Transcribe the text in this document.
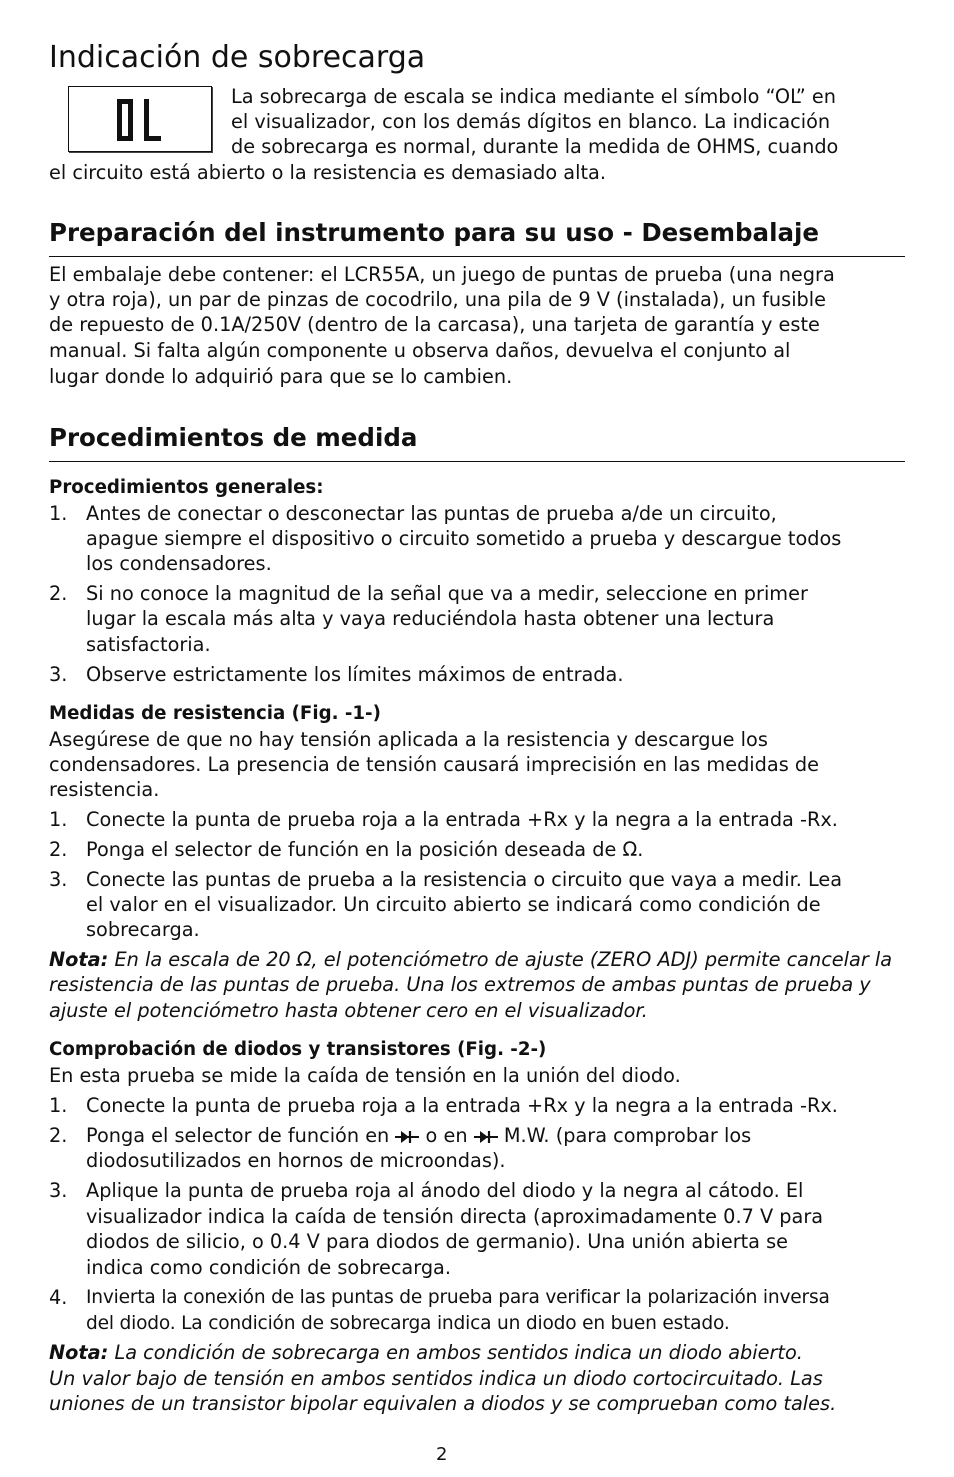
Indicación de sobrecarga

La sobrecarga de escala se indica mediante el símbolo “OL” en

el visualizador, con los demás dígitos en blanco. La indicación

de sobrecarga es normal, durante la medida de OHMS, cuando

el circuito está abierto o la resistencia es demasiado alta.

Preparación del instrumento para su uso - Desembalaje

El embalaje debe contener: el LCR55A, un juego de puntas de prueba (una negra

y otra roja), un par de pinzas de cocodrilo, una pila de 9 V (instalada), un fusible

de repuesto de 0.1A/250V (dentro de la carcasa), una tarjeta de garantía y este

manual. Si falta algún componente u observa daños, devuelva el conjunto al

lugar donde lo adquirió para que se lo cambien.

Procedimientos de medida

Procedimientos generales:

1. Antes de conectar o desconectar las puntas de prueba a/de un circuito,

apague siempre el dispositivo o circuito sometido a prueba y descargue todos

los condensadores.

2. Si no conoce la magnitud de la señal que va a medir, seleccione en primer

lugar la escala más alta y vaya reduciéndola hasta obtener una lectura

satisfactoria.

3. Observe estrictamente los límites máximos de entrada.

Medidas de resistencia (Fig. -1-)

Asegúrese de que no hay tensión aplicada a la resistencia y descargue los

condensadores. La presencia de tensión causará imprecisión en las medidas de

resistencia.

1. Conecte la punta de prueba roja a la entrada +Rx y la negra a la entrada -Rx.

2. Ponga el selector de función en la posición deseada de Ω.

3. Conecte las puntas de prueba a la resistencia o circuito que vaya a medir. Lea

el valor en el visualizador. Un circuito abierto se indicará como condición de

sobrecarga.

Nota: En la escala de 20 Ω, el potenciómetro de ajuste (ZERO ADJ) permite cancelar la

resistencia de las puntas de prueba. Una los extremos de ambas puntas de prueba y

ajuste el potenciómetro hasta obtener cero en el visualizador.

Comprobación de diodos y transistores (Fig. -2-)

En esta prueba se mide la caída de tensión en la unión del diodo.

1. Conecte la punta de prueba roja a la entrada +Rx y la negra a la entrada -Rx.

2. Ponga el selector de función en  o en  M.W. (para comprobar los

diodosutilizados en hornos de microondas).

3. Aplique la punta de prueba roja al ánodo del diodo y la negra al cátodo. El

visualizador indica la caída de tensión directa (aproximadamente 0.7 V para

diodos de silicio, o 0.4 V para diodos de germanio). Una unión abierta se

indica como condición de sobrecarga.

4. Invierta la conexión de las puntas de prueba para verificar la polarización inversa

del diodo. La condición de sobrecarga indica un diodo en buen estado.

Nota: La condición de sobrecarga en ambos sentidos indica un diodo abierto.

Un valor bajo de tensión en ambos sentidos indica un diodo cortocircuitado. Las

uniones de un transistor bipolar equivalen a diodos y se comprueban como tales.

2
